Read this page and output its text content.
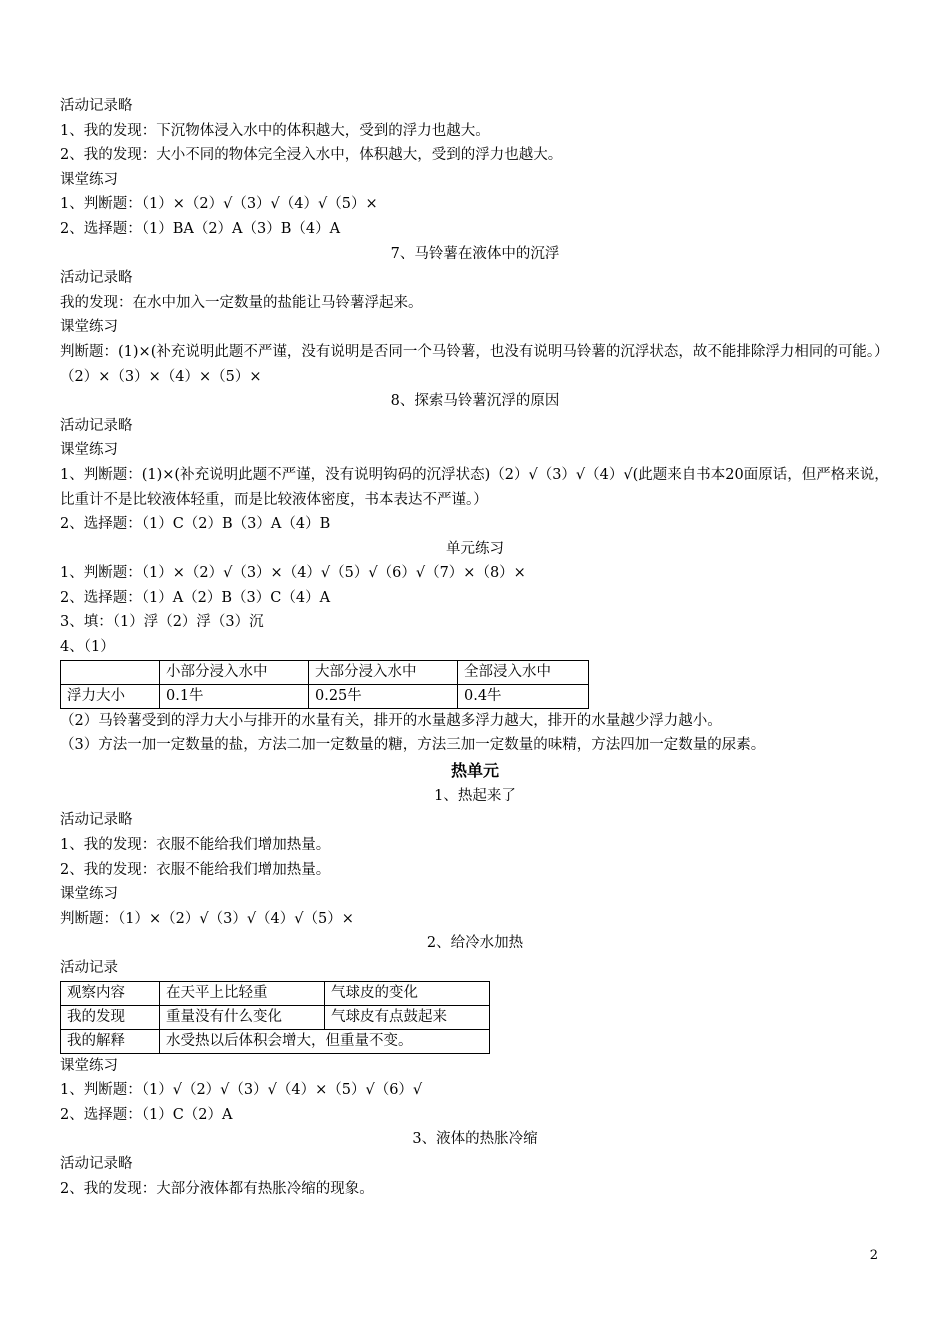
活动记录略
1、我的发现：下沉物体浸入水中的体积越大，受到的浮力也越大。
2、我的发现：大小不同的物体完全浸入水中，体积越大，受到的浮力也越大。
课堂练习
1、判断题：（1）×（2）√（3）√（4）√（5）×
2、选择题：（1）BA（2）A（3）B（4）A
7、马铃薯在液体中的沉浮
活动记录略
我的发现：在水中加入一定数量的盐能让马铃薯浮起来。
课堂练习
判断题：(1)×(补充说明此题不严谨，没有说明是否同一个马铃薯，也没有说明马铃薯的沉浮状态，故不能排除浮力相同的可能。）（2）×（3）×（4）×（5）×
8、探索马铃薯沉浮的原因
活动记录略
课堂练习
1、判断题：(1)×(补充说明此题不严谨，没有说明钩码的沉浮状态)（2）√（3）√（4）√(此题来自书本20面原话，但严格来说，比重计不是比较液体轻重，而是比较液体密度，书本表达不严谨。）
2、选择题：（1）C（2）B（3）A（4）B
单元练习
1、判断题：（1）×（2）√（3）×（4）√（5）√（6）√（7）×（8）×
2、选择题：（1）A（2）B（3）C（4）A
3、填：（1）浮（2）浮（3）沉
4、（1）
	小部分浸入水中	大部分浸入水中	全部浸入水中
浮力大小	0.1牛	0.25牛	0.4牛
（2）马铃薯受到的浮力大小与排开的水量有关，排开的水量越多浮力越大，排开的水量越少浮力越小。
（3）方法一加一定数量的盐，方法二加一定数量的糖，方法三加一定数量的味精，方法四加一定数量的尿素。
热单元
1、热起来了
活动记录略
1、我的发现：衣服不能给我们增加热量。
2、我的发现：衣服不能给我们增加热量。
课堂练习
判断题：（1）×（2）√（3）√（4）√（5）×
2、给冷水加热
活动记录
观察内容	在天平上比轻重	气球皮的变化
我的发现	重量没有什么变化	气球皮有点鼓起来
我的解释	水受热以后体积会增大，但重量不变。	
课堂练习
1、判断题：（1）√（2）√（3）√（4）×（5）√（6）√
2、选择题：（1）C（2）A
3、液体的热胀冷缩
活动记录略
2、我的发现：大部分液体都有热胀冷缩的现象。
2
